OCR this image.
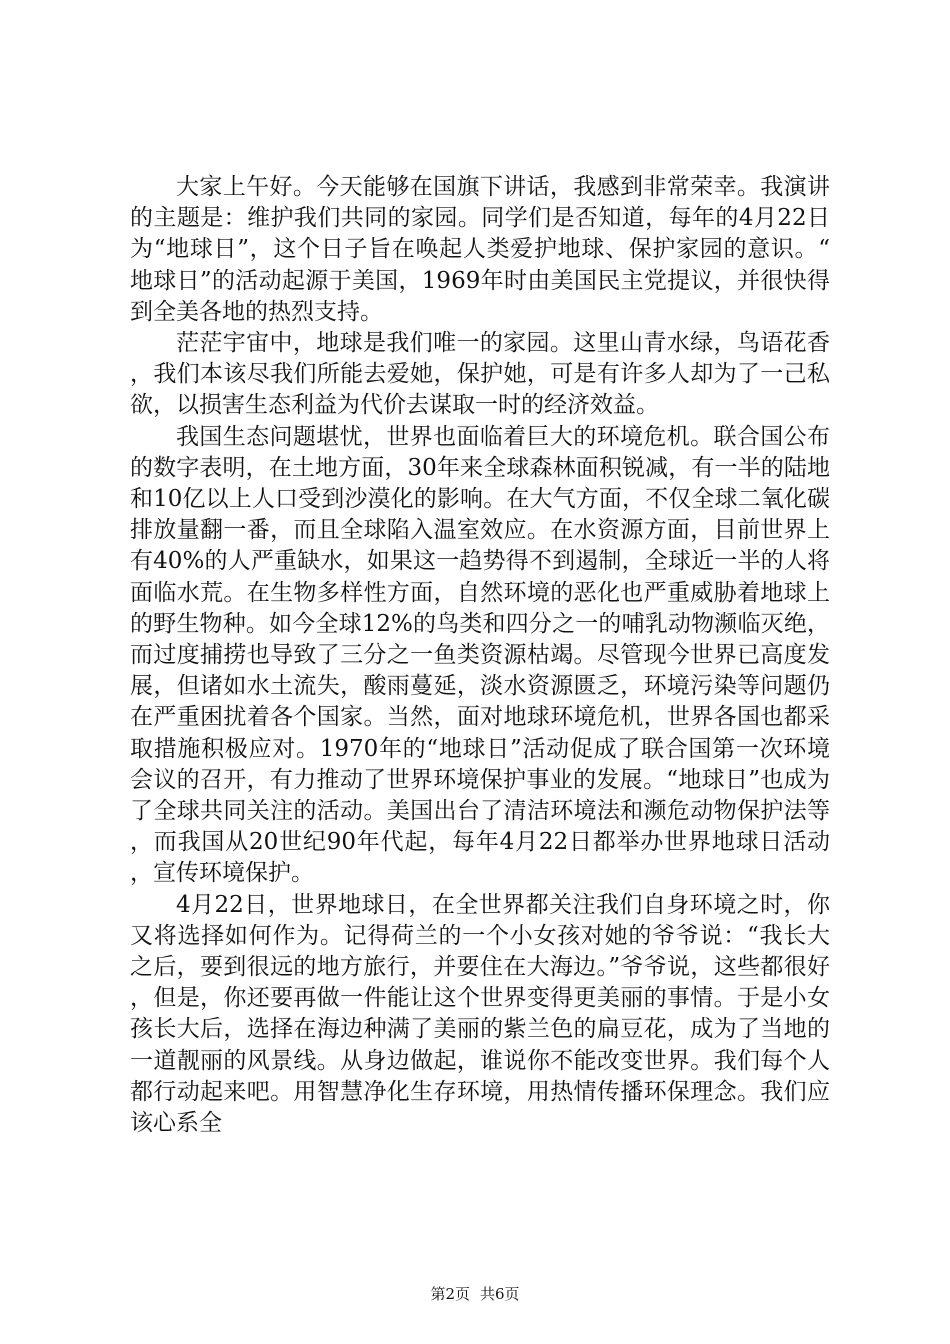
大家上午好。今天能够在国旗下讲话，我感到非常荣幸。我演讲的主题是：维护我们共同的家园。同学们是否知道，每年的4月22日为“地球日”，这个日子旨在唤起人类爱护地球、保护家园的意识。“地球日”的活动起源于美国，1969年时由美国民主党提议，并很快得到全美各地的热烈支持。

茫茫宇宙中，地球是我们唯一的家园。这里山青水绿，鸟语花香，我们本该尽我们所能去爱她，保护她，可是有许多人却为了一己私欲，以损害生态利益为代价去谋取一时的经济效益。

我国生态问题堪忧，世界也面临着巨大的环境危机。联合国公布的数字表明，在土地方面，30年来全球森林面积锐减，有一半的陆地和10亿以上人口受到沙漠化的影响。在大气方面，不仅全球二氧化碳排放量翻一番，而且全球陷入温室效应。在水资源方面，目前世界上有40%的人严重缺水，如果这一趋势得不到遏制，全球近一半的人将面临水荒。在生物多样性方面，自然环境的恶化也严重威胁着地球上的野生物种。如今全球12%的鸟类和四分之一的哺乳动物濒临灭绝，而过度捕捞也导致了三分之一鱼类资源枯竭。尽管现今世界已高度发展，但诸如水土流失，酸雨蔓延，淡水资源匮乏，环境污染等问题仍在严重困扰着各个国家。当然，面对地球环境危机，世界各国也都采取措施积极应对。1970年的“地球日”活动促成了联合国第一次环境会议的召开，有力推动了世界环境保护事业的发展。“地球日”也成为了全球共同关注的活动。美国出台了清洁环境法和濒危动物保护法等，而我国从20世纪90年代起，每年4月22日都举办世界地球日活动，宣传环境保护。

4月22日，世界地球日，在全世界都关注我们自身环境之时，你又将选择如何作为。记得荷兰的一个小女孩对她的爷爷说：“我长大之后，要到很远的地方旅行，并要住在大海边。”爷爷说，这些都很好，但是，你还要再做一件能让这个世界变得更美丽的事情。于是小女孩长大后，选择在海边种满了美丽的紫兰色的扁豆花，成为了当地的一道靓丽的风景线。从身边做起，谁说你不能改变世界。我们每个人都行动起来吧。用智慧净化生存环境，用热情传播环保理念。我们应该心系全

第2页 共6页
